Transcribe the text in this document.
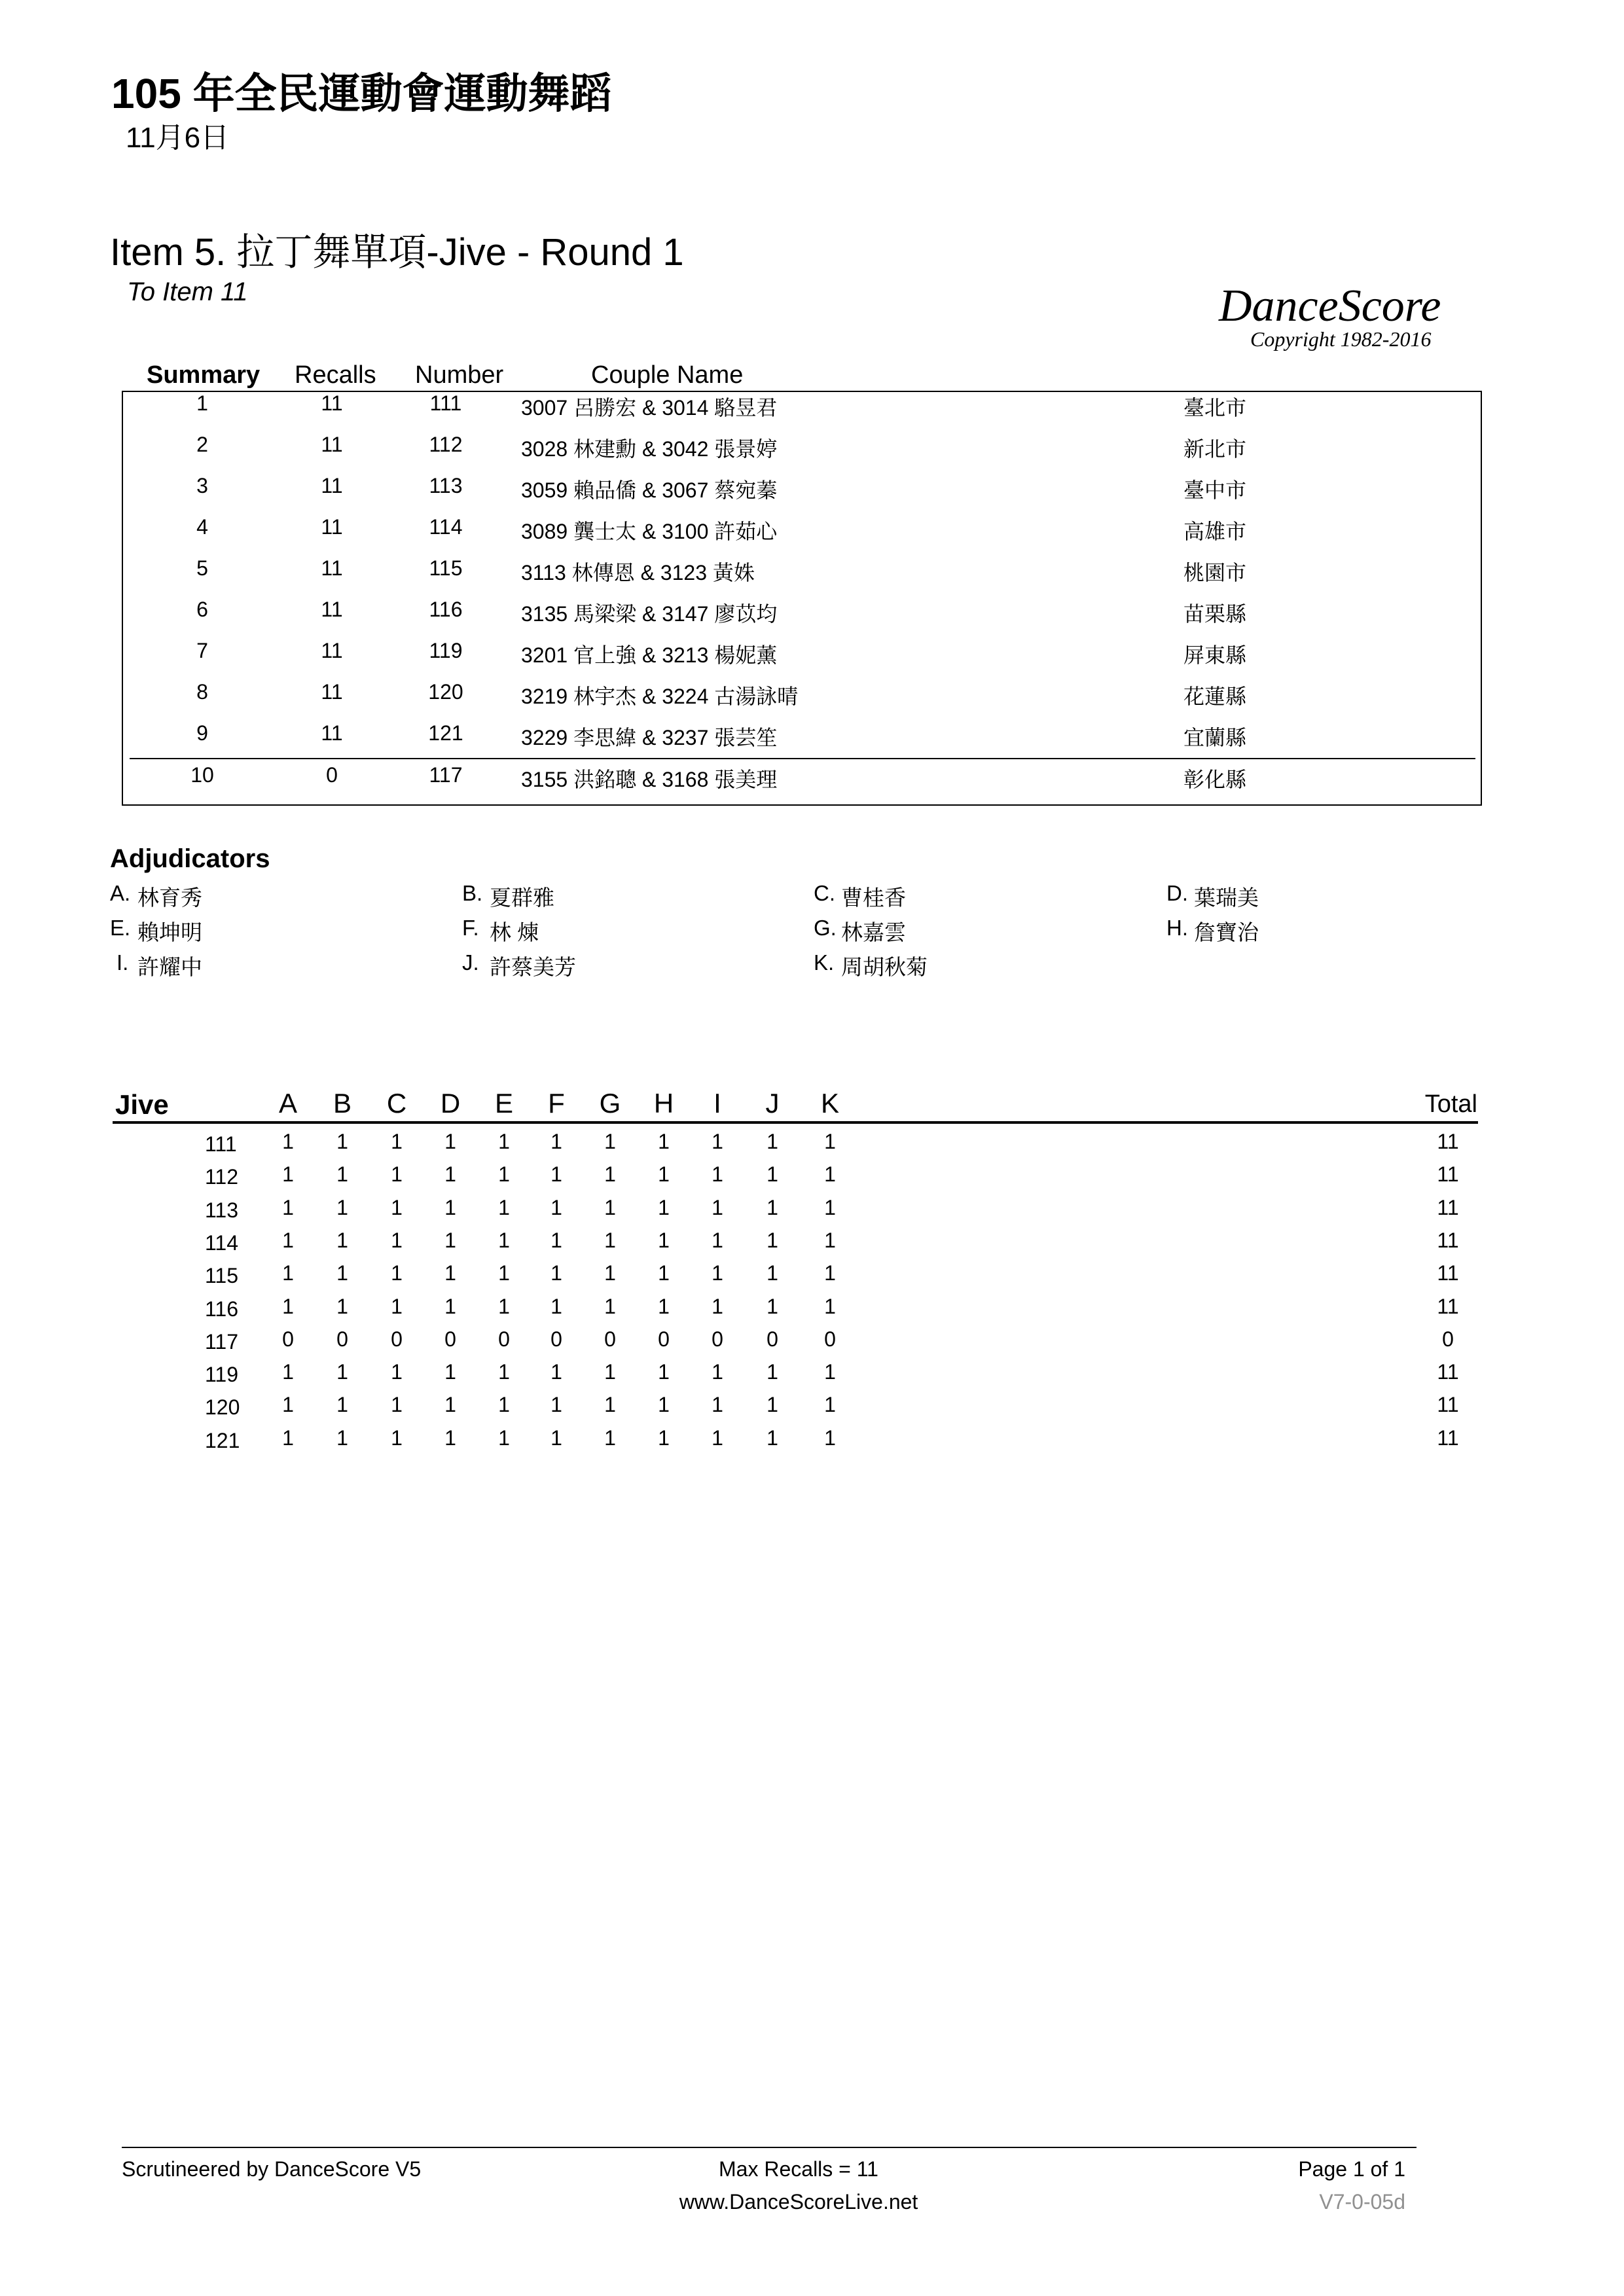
105 年全民運動會運動舞蹈
11月6日
Item 5. 拉丁舞單項-Jive - Round 1
To Item 11	DanceScore
Copyright 1982-2016
Summary Recalls Number	Couple Name
Adjudicators
Scrutineered by DanceScore V5	Max Recalls = 11	Page 1 of 1
www.DanceScoreLive.net	V7-0-05d
1	11	111	3007 呂勝宏 & 3014 駱昱君	臺北市
2	11	112	3028 林建勳 & 3042 張景婷	新北市
3	11	113	3059 賴品僑 & 3067 蔡宛蓁	臺中市
4	11	114	3089 龔士太 & 3100 許茹心	高雄市
5	11	115	3113 林傳恩 & 3123 黃姝	桃園市
6	11	116	3135 馬梁梁 & 3147 廖苡均	苗栗縣
7	11	119	3201 官上強 & 3213 楊妮薰	屏東縣
8	11	120	3219 林宇杰 & 3224 古湯詠晴	花蓮縣
9	11	121	3229 李思緯 & 3237 張芸笙	宜蘭縣
10	0	117	3155 洪銘聰 & 3168 張美理	彰化縣
A. 林育秀	B. 夏群雅	C. 曹桂香	D. 葉瑞美
E. 賴坤明	F. 林 煉	G. 林嘉雲	H. 詹寶治
I. 許耀中	J. 許蔡美芳	K. 周胡秋菊
Jive	A B C D E F G H I J K	Total
111 1 1 1 1 1 1 1 1 1 1 1	11
112 1 1 1 1 1 1 1 1 1 1 1	11
113 1 1 1 1 1 1 1 1 1 1 1	11
114 1 1 1 1 1 1 1 1 1 1 1	11
115 1 1 1 1 1 1 1 1 1 1 1	11
116 1 1 1 1 1 1 1 1 1 1 1	11
117 0 0 0 0 0 0 0 0 0 0 0	0
119 1 1 1 1 1 1 1 1 1 1 1	11
120 1 1 1 1 1 1 1 1 1 1 1	11
121 1 1 1 1 1 1 1 1 1 1 1	11
